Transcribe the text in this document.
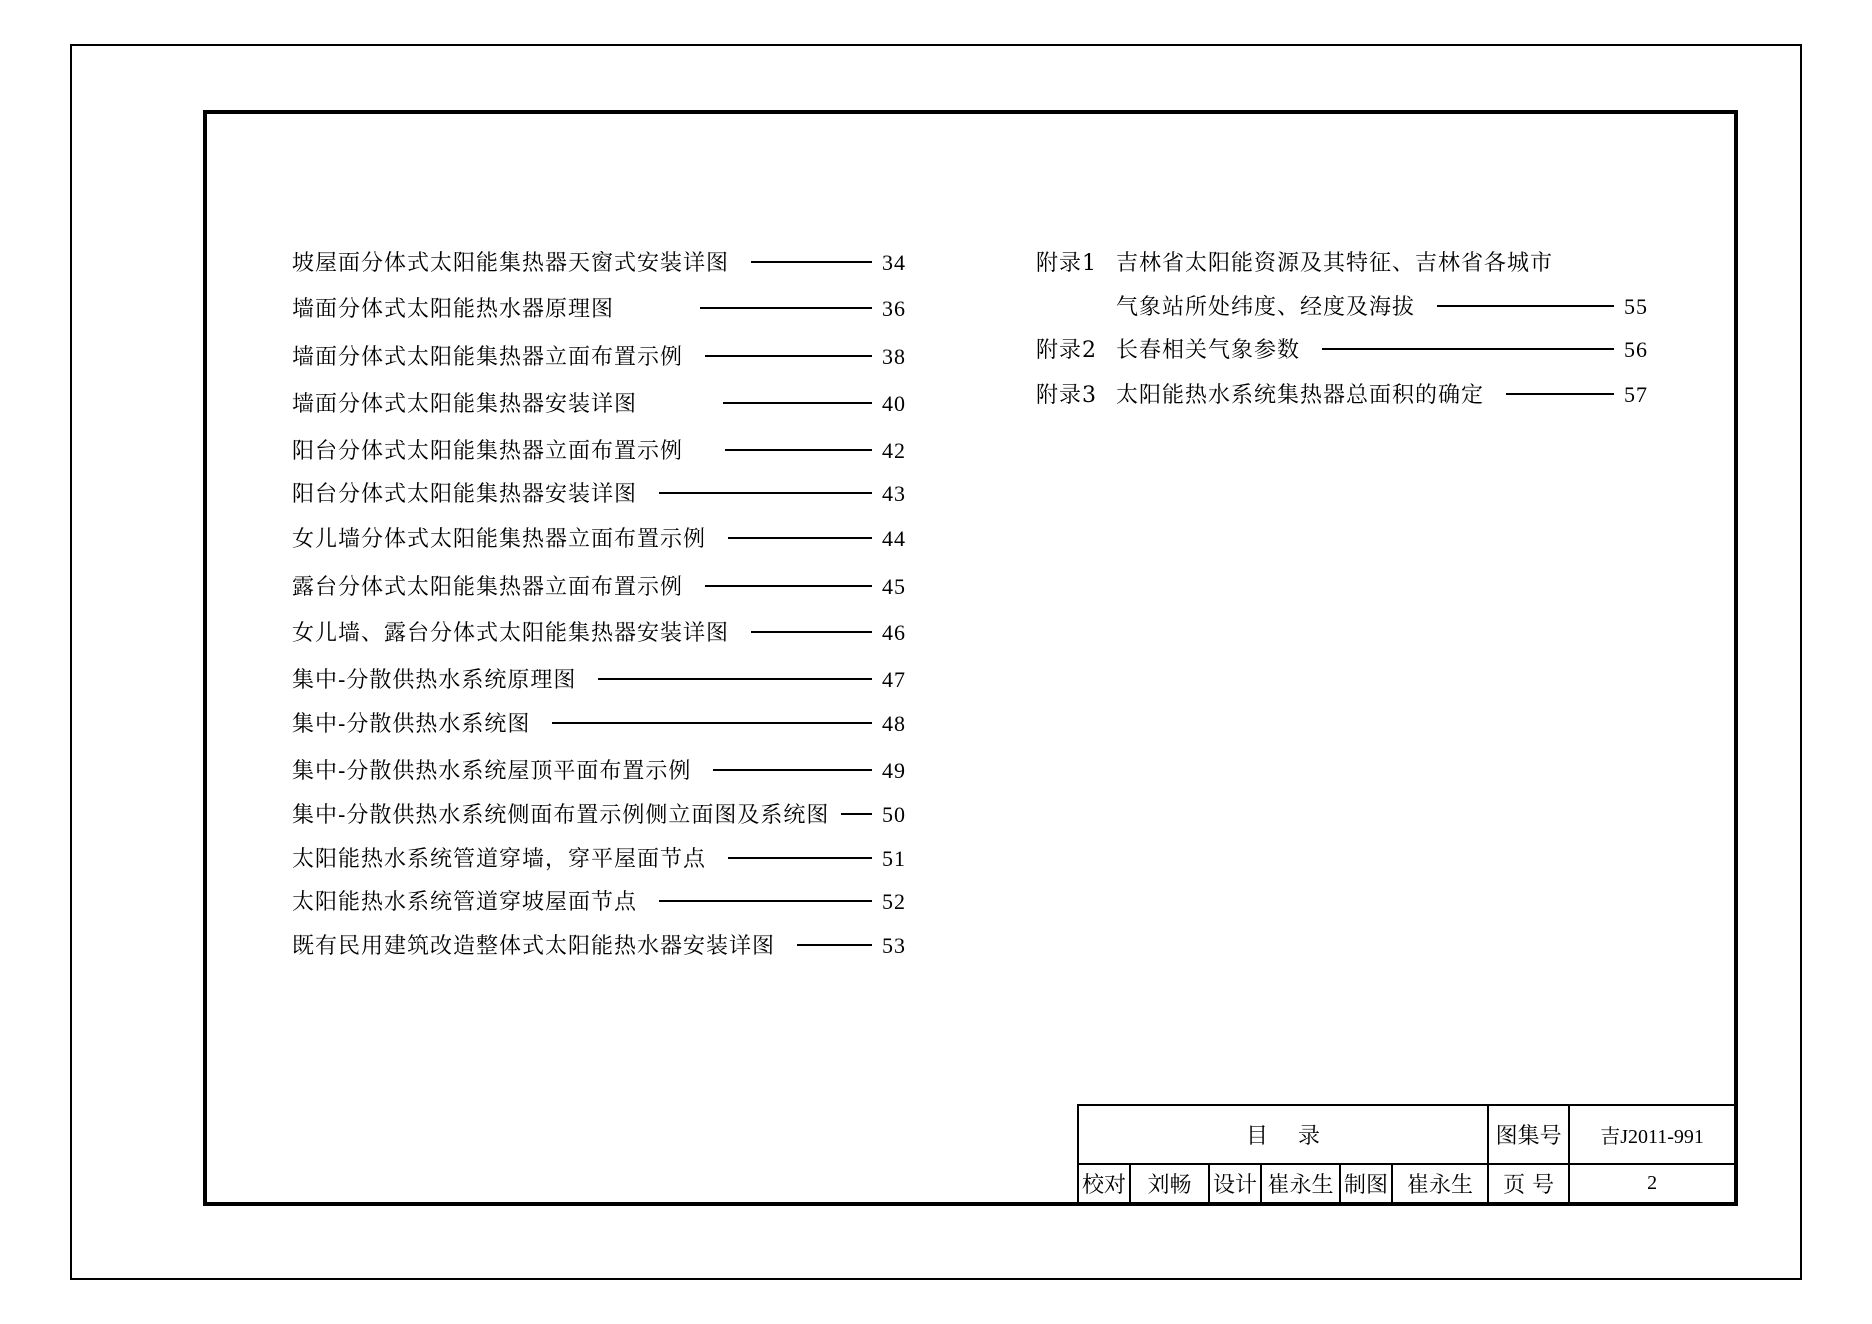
坡屋面分体式太阳能集热器天窗式安装详图	34
墙面分体式太阳能热水器原理图	36
墙面分体式太阳能集热器立面布置示例	38
墙面分体式太阳能集热器安装详图	40
阳台分体式太阳能集热器立面布置示例	42
阳台分体式太阳能集热器安装详图	43
女儿墙分体式太阳能集热器立面布置示例	44
露台分体式太阳能集热器立面布置示例	45
女儿墙、露台分体式太阳能集热器安装详图	46
集中-分散供热水系统原理图	47
集中-分散供热水系统图	48
集中-分散供热水系统屋顶平面布置示例	49
集中-分散供热水系统侧面布置示例侧立面图及系统图 50
太阳能热水系统管道穿墙，穿平屋面节点	51
太阳能热水系统管道穿坡屋面节点	52
既有民用建筑改造整体式太阳能热水器安装详图	53
附录1 吉林省太阳能资源及其特征、吉林省各城市
气象站所处纬度、经度及海拔	55
附录2 长春相关气象参数	56
附录3 太阳能热水系统集热器总面积的确定	57
目录						图集号	吉J2011-991
校对	刘畅	设计	崔永生	制图	崔永生	页 号	2
